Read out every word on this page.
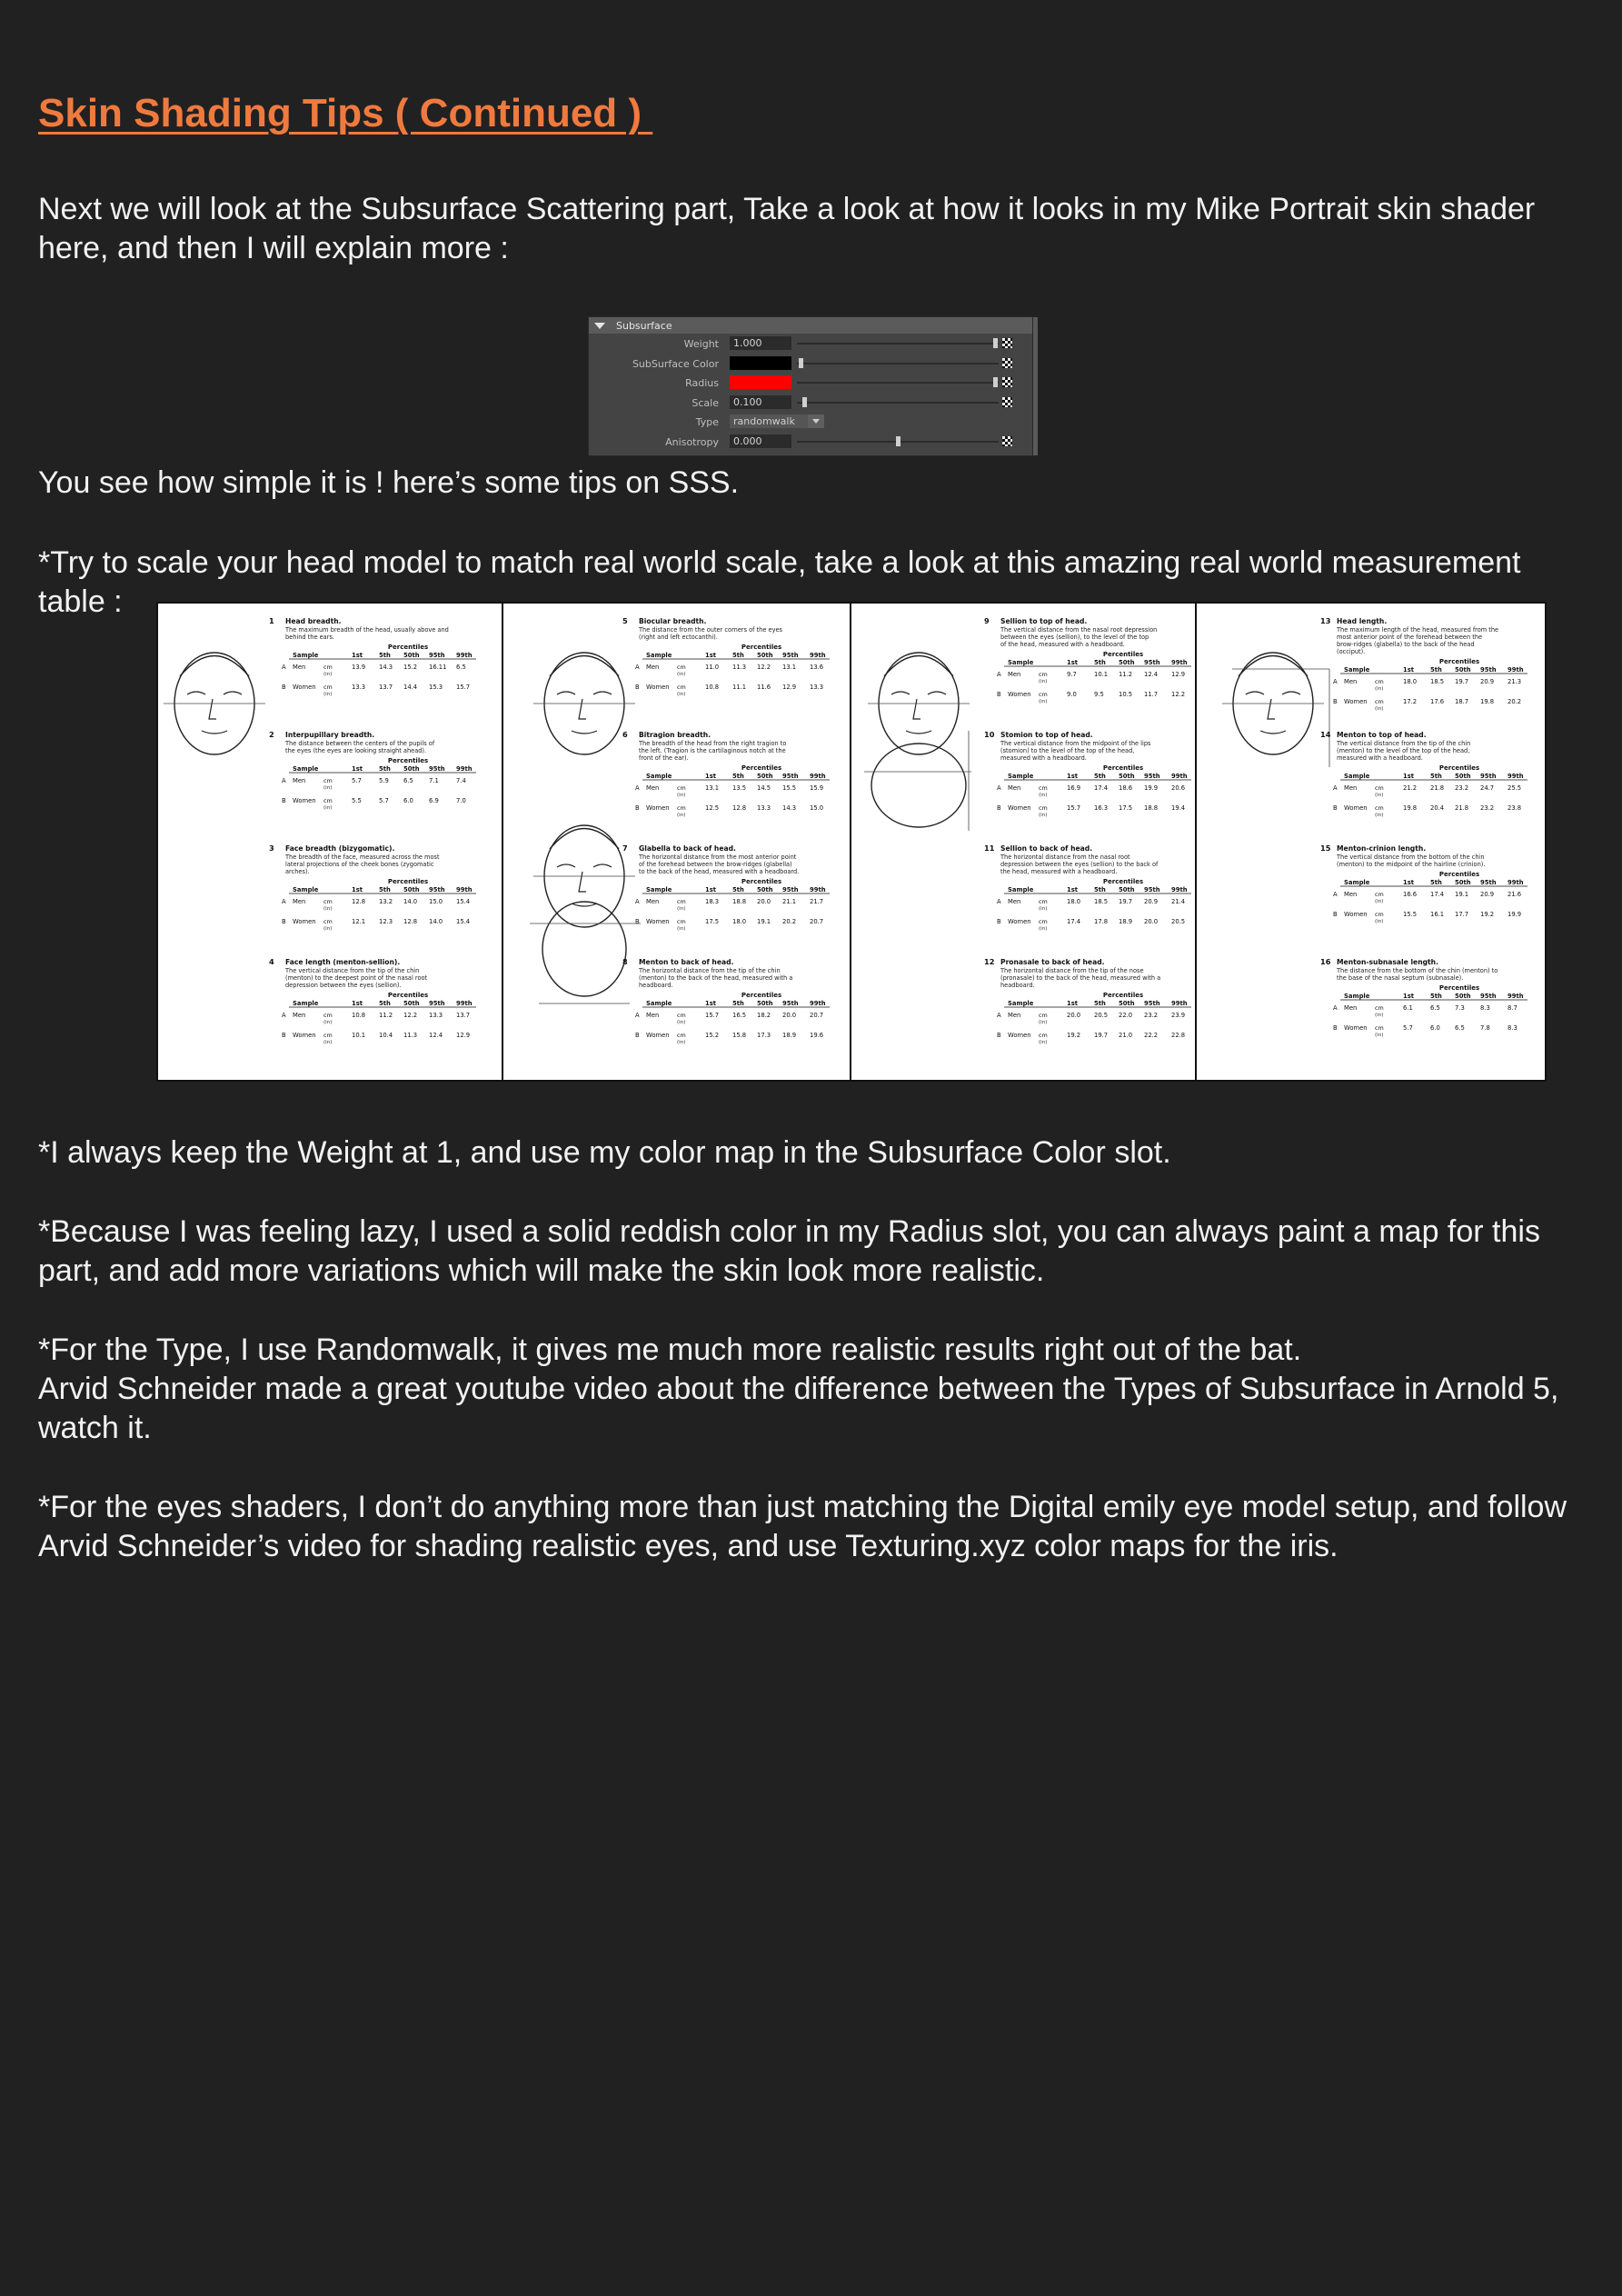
Skin Shading Tips ( Continued )

Next we will look at the Subsurface Scattering part, Take a look at how it looks in my Mike Portrait skin shader here, and then I will explain more :

Subsurface
Weight	1.000
SubSurface Color
Radius
Scale	0.100
Type	randomwalk
Anisotropy	0.000

You see how simple it is ! here’s some tips on SSS.

*Try to scale your head model to match real world scale, take a look at this amazing real world measurement table :

1 Head breadth.
The maximum breadth of the head, usually above and
behind the ears.
Percentiles
Sample	1st	5th 50th 95th 99th
A Men	cm
(in)
13.9 14.3 15.2 16.11 6.5
B Women cm
(in)
13.3 13.7 14.4 15.3 15.7
2 Interpupillary breadth.
The distance between the centers of the pupils of
the eyes (the eyes are looking straight ahead).
Percentiles
Sample	1st	5th 50th 95th 99th
A Men	cm
(in)
5.7	5.9 6.5	7.1	7.4
B Women cm
(in)
5.5	5.7 6.0	6.9	7.0
3 Face breadth (bizygomatic).
The breadth of the face, measured across the most
lateral projections of the cheek bones (zygomatic
arches).
Percentiles
Sample	1st	5th 50th 95th 99th
A Men	cm
(in)
12.8 13.2 14.0 15.0 15.4
B Women cm
(in)
12.1 12.3 12.8 14.0 15.4
4 Face length (menton-sellion).
The vertical distance from the tip of the chin
(menton) to the deepest point of the nasal root
depression between the eyes (sellion).
Percentiles
Sample	1st	5th 50th 95th 99th
A Men	cm
(in)
10.8 11.2 12.2 13.3 13.7
B Women cm
(in)
10.1 10.4 11.3 12.4 12.9
5 Biocular breadth.
The distance from the outer corners of the eyes
(right and left ectocanthi).
Percentiles
Sample	1st	5th 50th 95th 99th
A Men	cm
(in)
11.0 11.3 12.2 13.1 13.6
B Women cm
(in)
10.8 11.1 11.6 12.9 13.3
6 Bitragion breadth.
The breadth of the head from the right tragion to
the left. (Tragion is the cartilaginous notch at the
front of the ear).
Percentiles
Sample	1st	5th 50th 95th 99th
A Men	cm
(in)
13.1 13.5 14.5 15.5 15.9
B Women cm
(in)
12.5 12.8 13.3 14.3 15.0
7 Glabella to back of head.
The horizontal distance from the most anterior point
of the forehead between the brow-ridges (glabella)
to the back of the head, measured with a headboard.
Percentiles
Sample	1st	5th 50th 95th 99th
A Men	cm
(in)
18.3 18.8 20.0 21.1 21.7
B Women cm
(in)
17.5 18.0 19.1 20.2 20.7
8 Menton to back of head.
The horizontal distance from the tip of the chin
(menton) to the back of the head, measured with a
headboard.
Percentiles
Sample	1st	5th 50th 95th 99th
A Men	cm
(in)
15.7 16.5 18.2 20.0 20.7
B Women cm
(in)
15.2 15.8 17.3 18.9 19.6
9 Sellion to top of head.
The vertical distance from the nasal root depression
between the eyes (sellion), to the level of the top
of the head, measured with a headboard.
Percentiles
Sample	1st	5th 50th 95th 99th
A Men	cm
(in)
9.7	10.1 11.2 12.4 12.9
B Women cm
(in)
9.0	9.5 10.5 11.7 12.2
10 Stomion to top of head.
The vertical distance from the midpoint of the lips
(stomion) to the level of the top of the head,
measured with a headboard.
Percentiles
Sample	1st	5th 50th 95th 99th
A Men	cm
(in)
16.9 17.4 18.6 19.9 20.6
B Women cm
(in)
15.7 16.3 17.5 18.8 19.4
11 Sellion to back of head.
The horizontal distance from the nasal root
depression between the eyes (sellion) to the back of
the head, measured with a headboard.
Percentiles
Sample	1st	5th 50th 95th 99th
A Men	cm
(in)
18.0 18.5 19.7 20.9 21.4
B Women cm
(in)
17.4 17.8 18.9 20.0 20.5
12 Pronasale to back of head.
The horizontal distance from the tip of the nose
(pronasale) to the back of the head, measured with a
headboard.
Percentiles
Sample	1st	5th 50th 95th 99th
A Men	cm
(in)
20.0 20.5 22.0 23.2 23.9
B Women cm
(in)
19.2 19.7 21.0 22.2 22.8
13 Head length.
The maximum length of the head, measured from the
most anterior point of the forehead between the
brow-ridges (glabella) to the back of the head
(occiput).
Percentiles
Sample	1st	5th 50th 95th 99th
A Men	cm
(in)
18.0 18.5 19.7 20.9 21.3
B Women cm
(in)
17.2 17.6 18.7 19.8 20.2
14 Menton to top of head.
The vertical distance from the tip of the chin
(menton) to the level of the top of the head,
measured with a headboard.
Percentiles
Sample	1st	5th 50th 95th 99th
A Men	cm
(in)
21.2 21.8 23.2 24.7 25.5
B Women cm
(in)
19.8 20.4 21.8 23.2 23.8
15 Menton-crinion length.
The vertical distance from the bottom of the chin
(menton) to the midpoint of the hairline (crinion).
Percentiles
Sample	1st	5th 50th 95th 99th
A Men	cm
(in)
16.6 17.4 19.1 20.9 21.6
B Women cm
(in)
15.5 16.1 17.7 19.2 19.9
16 Menton-subnasale length.
The distance from the bottom of the chin (menton) to
the base of the nasal septum (subnasale).
Percentiles
Sample	1st	5th 50th 95th 99th
A Men	cm
(in)
6.1	6.5 7.3	8.3	8.7
B Women cm
(in)
5.7	6.0 6.5	7.8	8.3

*I always keep the Weight at 1, and use my color map in the Subsurface Color slot.

*Because I was feeling lazy, I used a solid reddish color in my Radius slot, you can always paint a map for this part, and add more variations which will make the skin look more realistic.

*For the Type, I use Randomwalk, it gives me much more realistic results right out of the bat.

Arvid Schneider made a great youtube video about the difference between the Types of Subsurface in Arnold 5, watch it.

*For the eyes shaders, I don’t do anything more than just matching the Digital emily eye model setup, and follow Arvid Schneider’s video for shading realistic eyes, and use Texturing.xyz color maps for the iris.
